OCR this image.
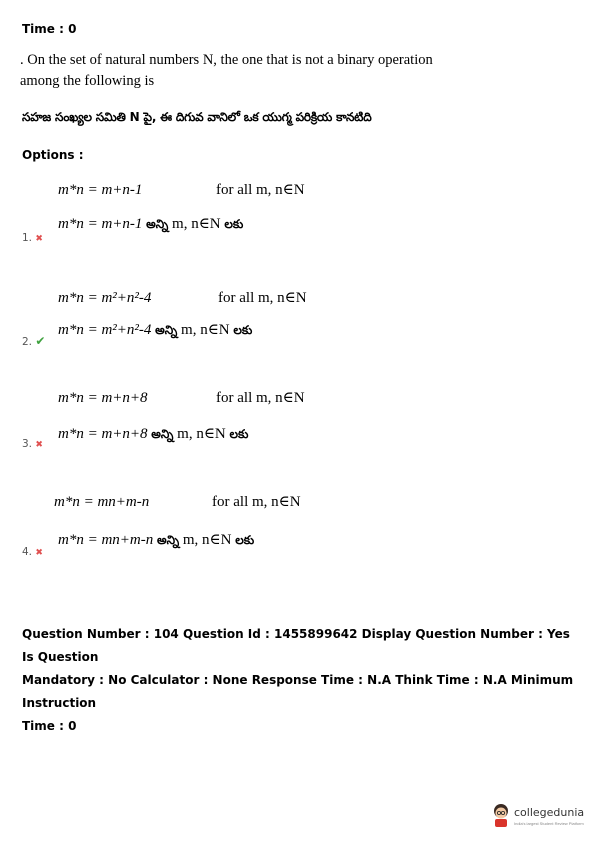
Time : 0
. On the set of natural numbers N, the one that is not a binary operation among the following is
సహజ సంఖ్యల సమితి N పై, ఈ దిగువ వానిలో ఒక యుగ్మ పరిక్రియ కానటిది
Options :
m*n = m+n-1	for all m, n∈N
m*n = m+n-1 అన్ని m, n∈N లకు
1. ✖
m*n = m²+n²-4	for all m, n∈N
m*n = m²+n²-4 అన్ని m, n∈N లకు
2. ✔
m*n = m+n+8	for all m, n∈N
m*n = m+n+8 అన్ని m, n∈N లకు
3. ✖
m*n = mn+m-n	for all m, n∈N
m*n = mn+m-n అన్ని m, n∈N లకు
4. ✖
Question Number : 104 Question Id : 1455899642 Display Question Number : Yes Is Question
Mandatory : No Calculator : None Response Time : N.A Think Time : N.A Minimum Instruction
Time : 0
collegedunia
India's largest Student Review Platform
